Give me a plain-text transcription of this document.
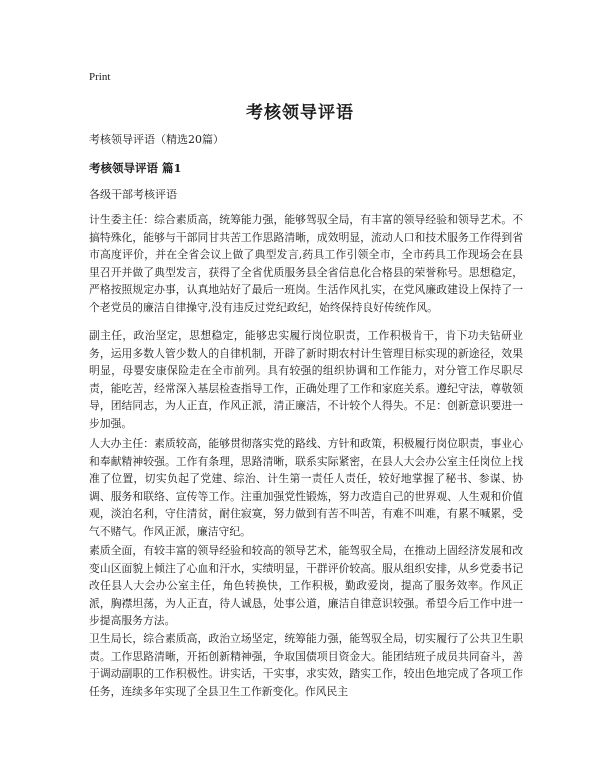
Print
考核领导评语
考核领导评语（精选20篇）
考核领导评语 篇1
各级干部考核评语

计生委主任：综合素质高，统筹能力强，能够驾驭全局，有丰富的领导经验和领导艺术。不搞特殊化，能够与干部同甘共苦工作思路清晰，成效明显，流动人口和技术服务工作得到省市高度评价，并在全省会议上做了典型发言,药具工作引领全市，全市药具工作现场会在县里召开并做了典型发言，获得了全省优质服务县全省信息化合格县的荣誉称号。思想稳定，严格按照规定办事，认真地站好了最后一班岗。生活作风扎实，在党风廉政建设上保持了一个老党员的廉洁自律操守,没有违反过党纪政纪，始终保持良好传统作风。

副主任，政治坚定，思想稳定，能够忠实履行岗位职责，工作积极肯干，肯下功夫钻研业务，运用多数人管少数人的自律机制，开辟了新时期农村计生管理目标实现的新途径，效果明显，母婴安康保险走在全市前列。具有较强的组织协调和工作能力，对分管工作尽职尽责，能吃苦，经常深入基层检查指导工作，正确处理了工作和家庭关系。遵纪守法，尊敬领导，团结同志，为人正直，作风正派，清正廉洁，不计较个人得失。不足：创新意识要进一步加强。

人大办主任：素质较高，能够贯彻落实党的路线、方针和政策，积极履行岗位职责，事业心和奉献精神较强。工作有条理，思路清晰，联系实际紧密，在县人大会办公室主任岗位上找准了位置，切实负起了党建、综治、计生第一责任人责任，较好地掌握了秘书、参谋、协调、服务和联络、宣传等工作。注重加强党性锻炼，努力改造自己的世界观、人生观和价值观，淡泊名利，守住清贫，耐住寂寞，努力做到有苦不叫苦，有难不叫难，有累不喊累，受气不赌气。作风正派，廉洁守纪。

素质全面，有较丰富的领导经验和较高的领导艺术，能驾驭全局，在推动上固经济发展和改变山区面貌上倾注了心血和汗水，实绩明显，干群评价较高。服从组织安排，从乡党委书记改任县人大会办公室主任，角色转换快，工作积极，勤政爱岗，提高了服务效率。作风正派，胸襟坦荡，为人正直，待人诚恳，处事公道，廉洁自律意识较强。希望今后工作中进一步提高服务方法。

卫生局长，综合素质高，政治立场坚定，统筹能力强，能驾驭全局，切实履行了公共卫生职责。工作思路清晰，开拓创新精神强，争取国债项目资金大。能团结班子成员共同奋斗，善于调动副职的工作积极性。讲实话，干实事，求实效，踏实工作，较出色地完成了各项工作任务，连续多年实现了全县卫生工作新变化。作风民主
